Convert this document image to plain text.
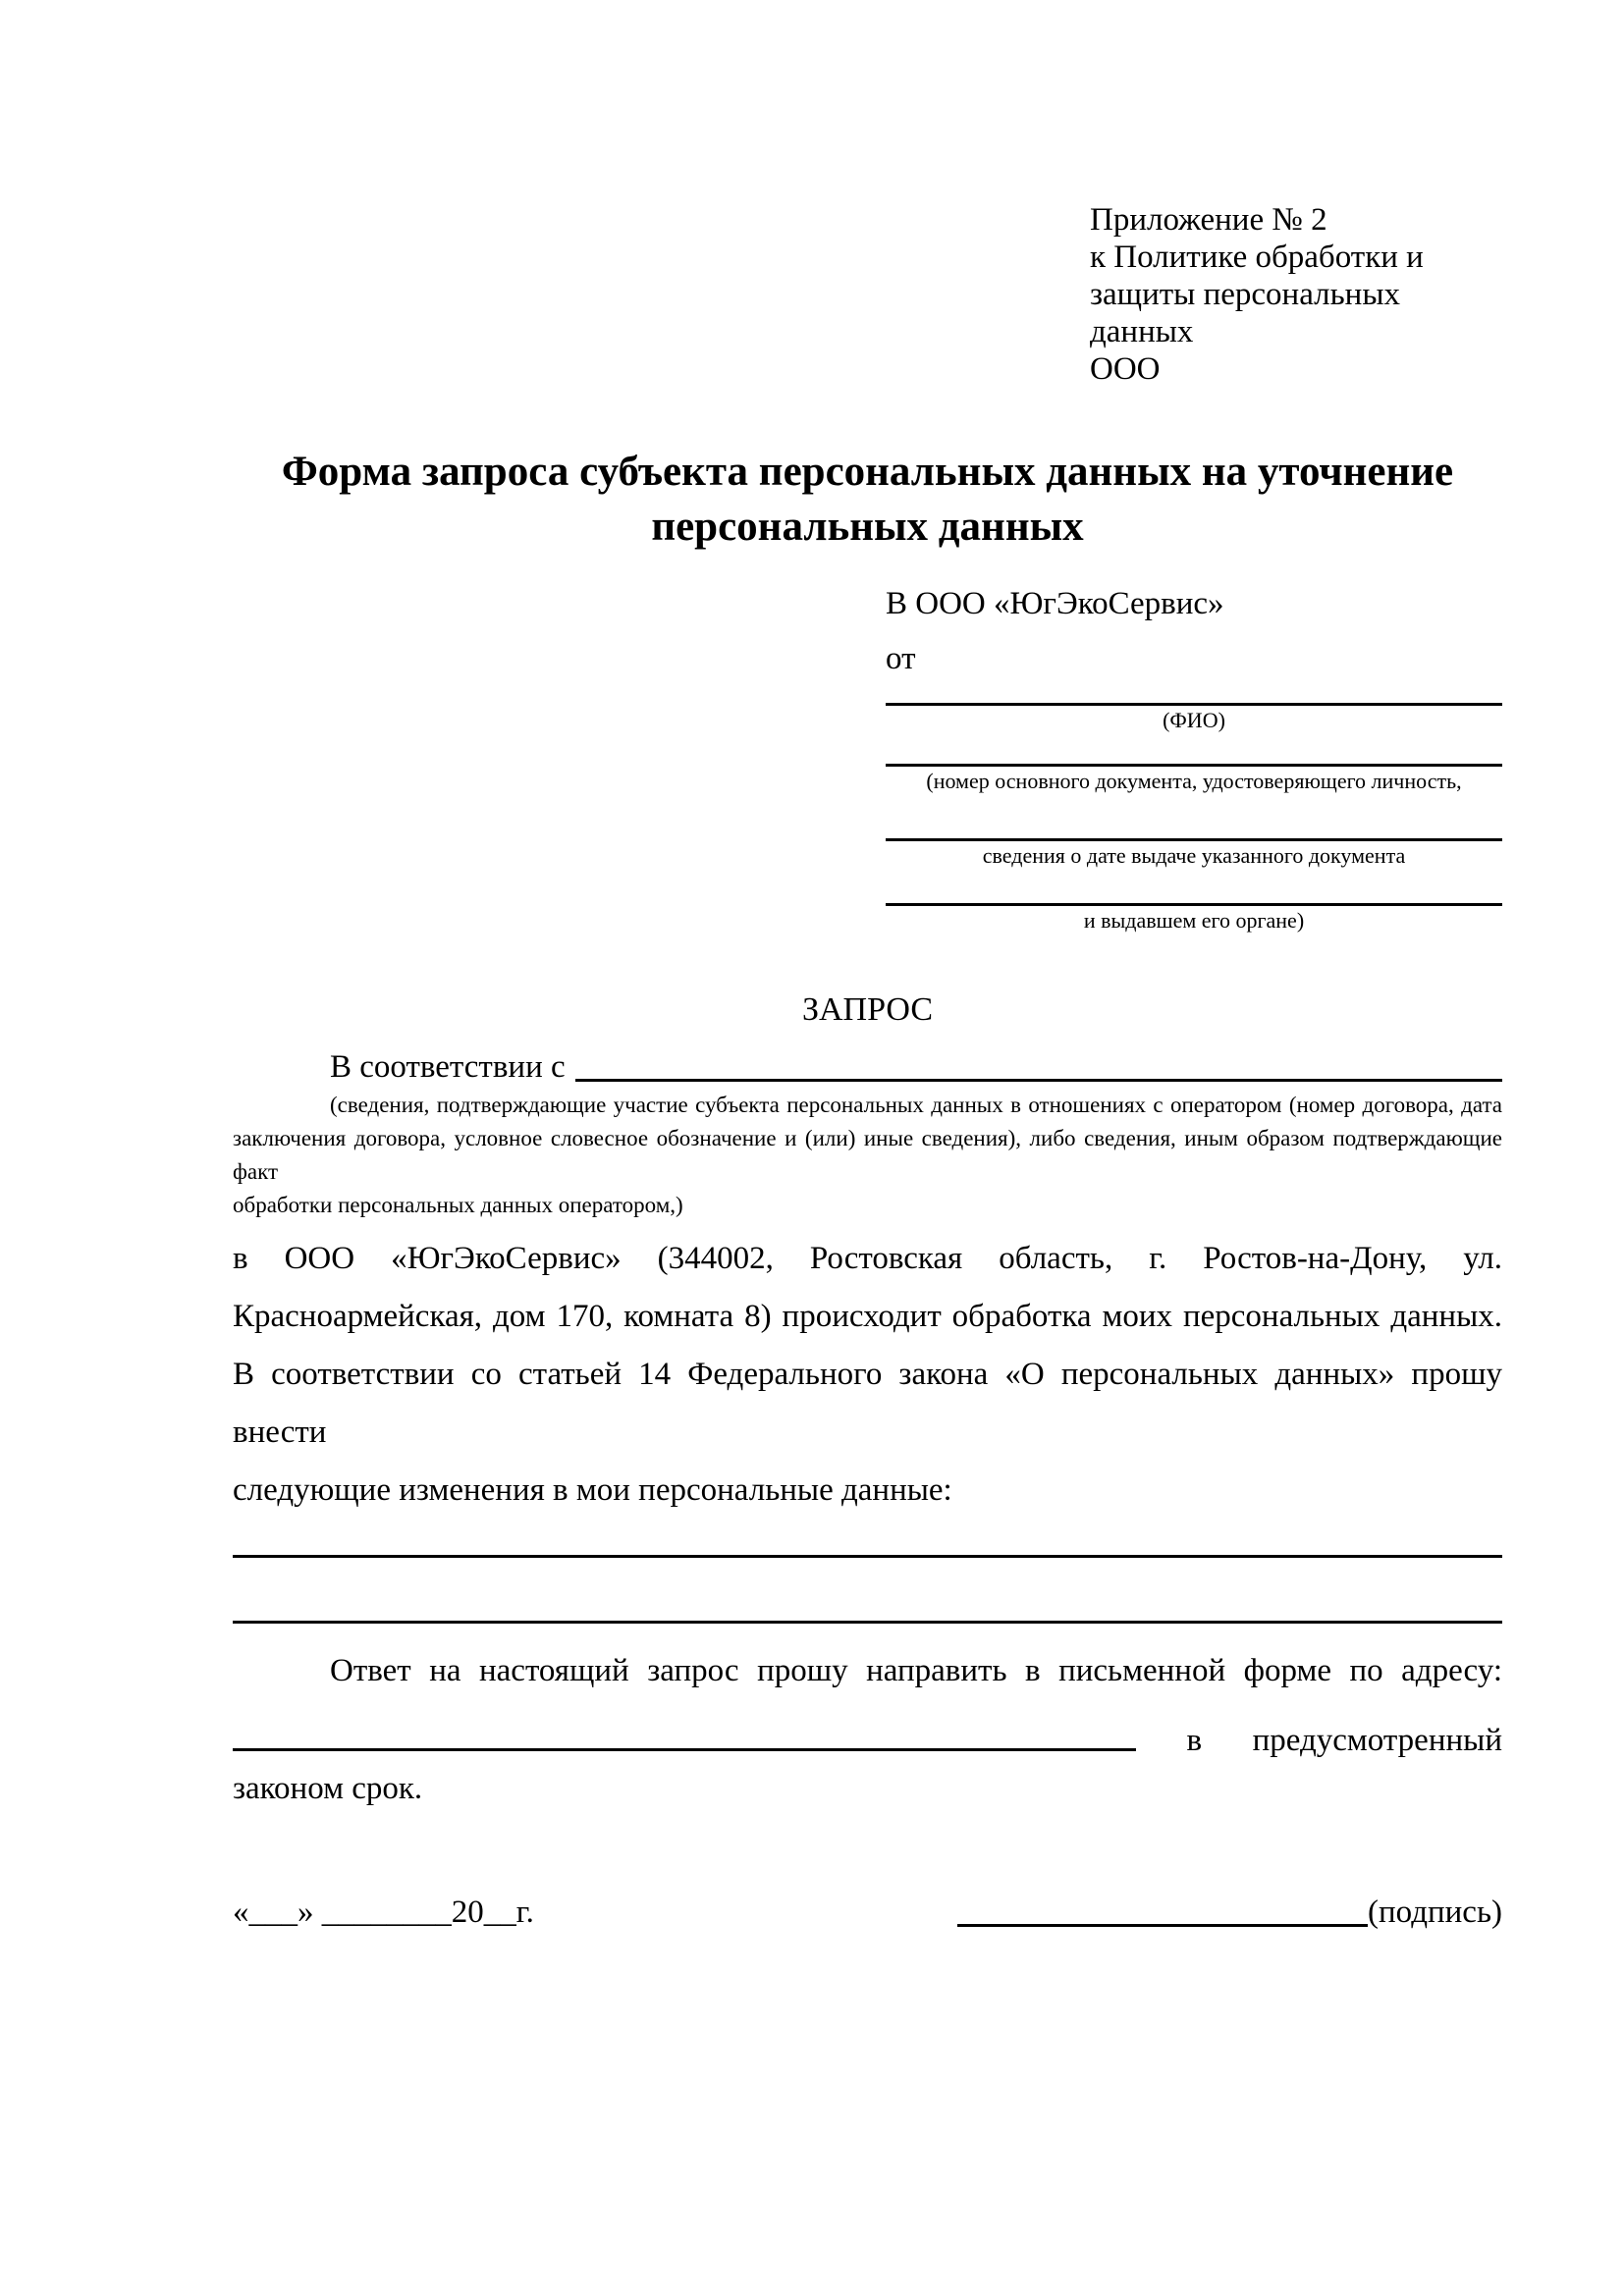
Приложение № 2
к Политике обработки и
защиты персональных данных
ООО
Форма запроса субъекта персональных данных на уточнение
персональных данных
В ООО «ЮгЭкоСервис»
от
(ФИО)
(номер основного документа, удостоверяющего личность,
сведения о дате выдаче указанного документа
и выдавшем его органе)
ЗАПРОС
В соответствии с
(сведения, подтверждающие участие субъекта персональных данных в отношениях с оператором (номер договора, дата
заключения договора, условное словесное обозначение и (или) иные сведения), либо сведения, иным образом подтверждающие факт
обработки персональных данных оператором,)
в ООО «ЮгЭкоСервис» (344002, Ростовская область, г. Ростов-на-Дону, ул.
Красноармейская, дом 170, комната 8) происходит обработка моих персональных данных.
В соответствии со статьей 14 Федерального закона «О персональных данных» прошу внести
следующие изменения в мои персональные данные:
Ответ на настоящий запрос прошу направить в письменной форме по адресу:
в предусмотренный
законом срок.
«___» ________20__г.	(подпись)
